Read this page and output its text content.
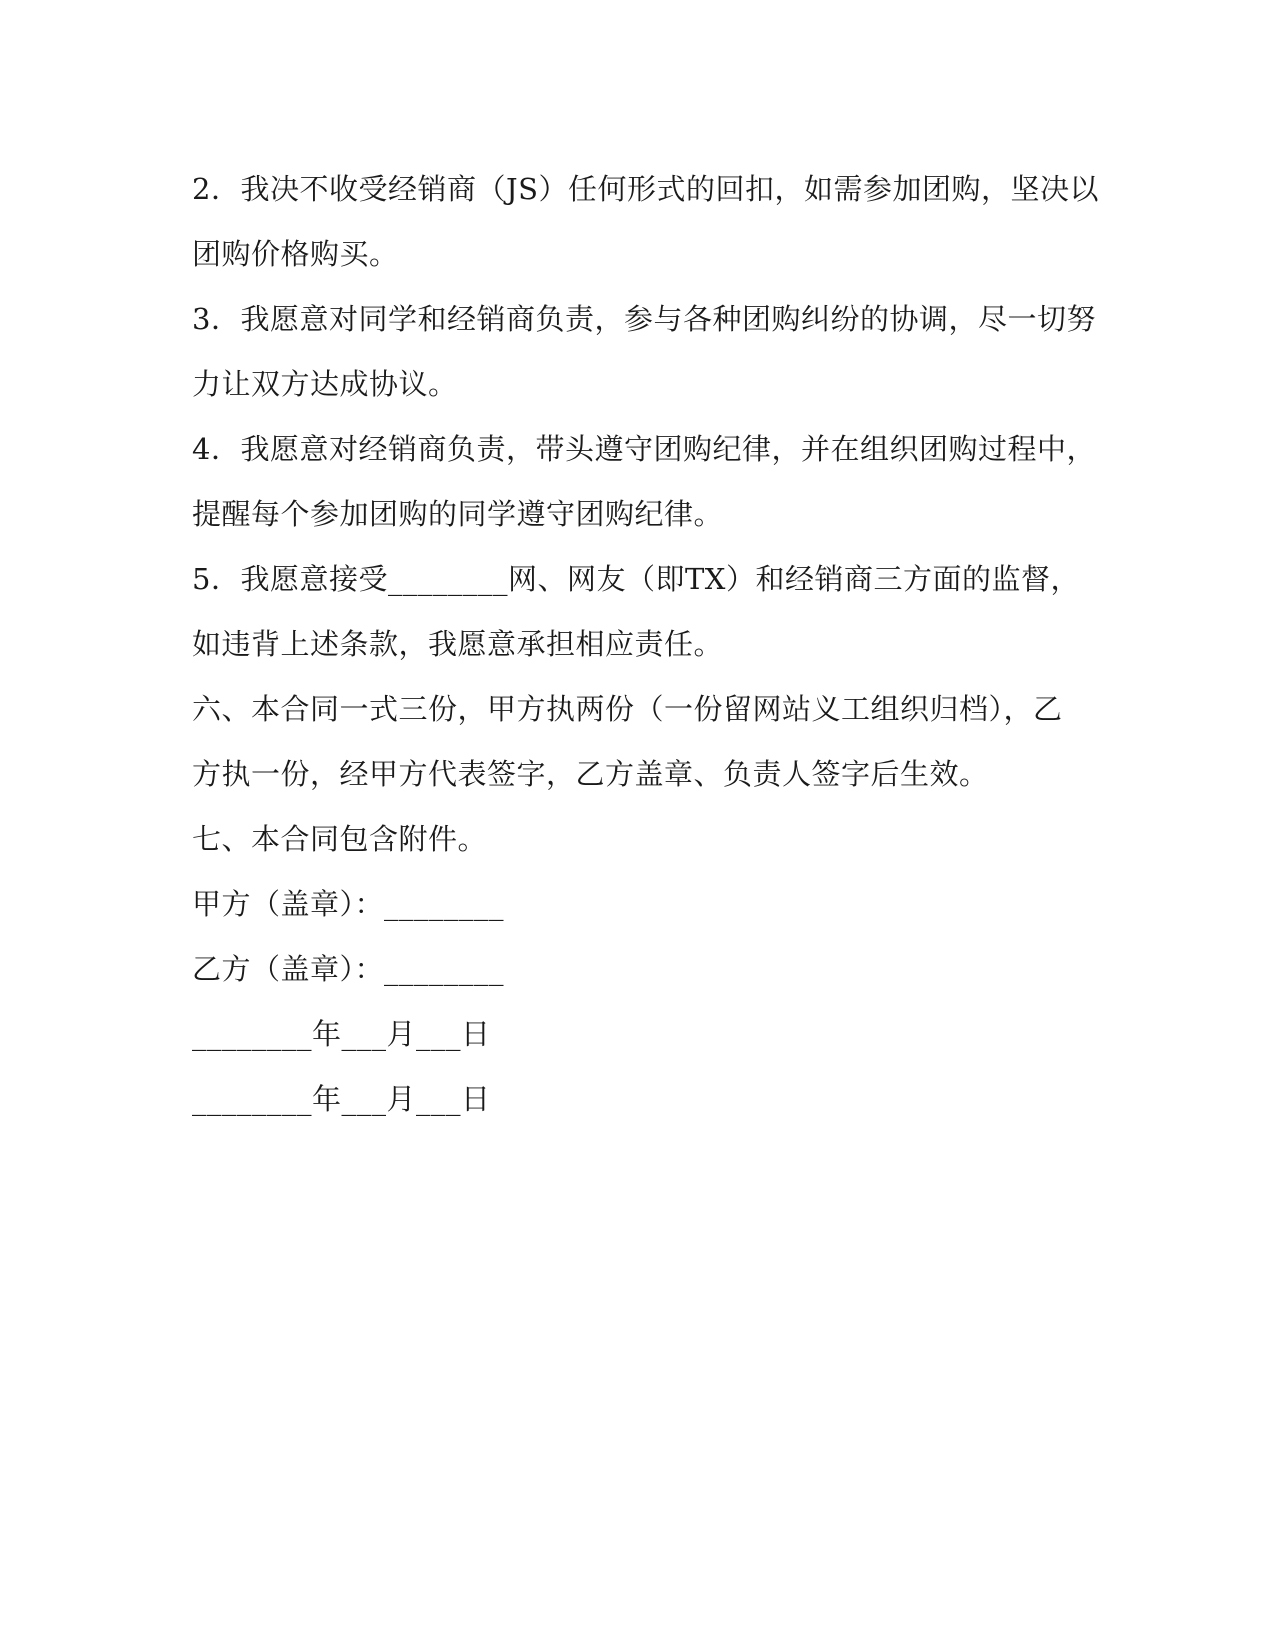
2．我决不收受经销商（JS）任何形式的回扣，如需参加团购，坚决以
团购价格购买。
3．我愿意对同学和经销商负责，参与各种团购纠纷的协调，尽一切努
力让双方达成协议。
4．我愿意对经销商负责，带头遵守团购纪律，并在组织团购过程中，
提醒每个参加团购的同学遵守团购纪律。
5．我愿意接受________网、网友（即TX）和经销商三方面的监督，
如违背上述条款，我愿意承担相应责任。
六、本合同一式三份，甲方执两份（一份留网站义工组织归档），乙
方执一份，经甲方代表签字，乙方盖章、负责人签字后生效。
七、本合同包含附件。
甲方（盖章）：________
乙方（盖章）：________
________年___月___日
________年___月___日
